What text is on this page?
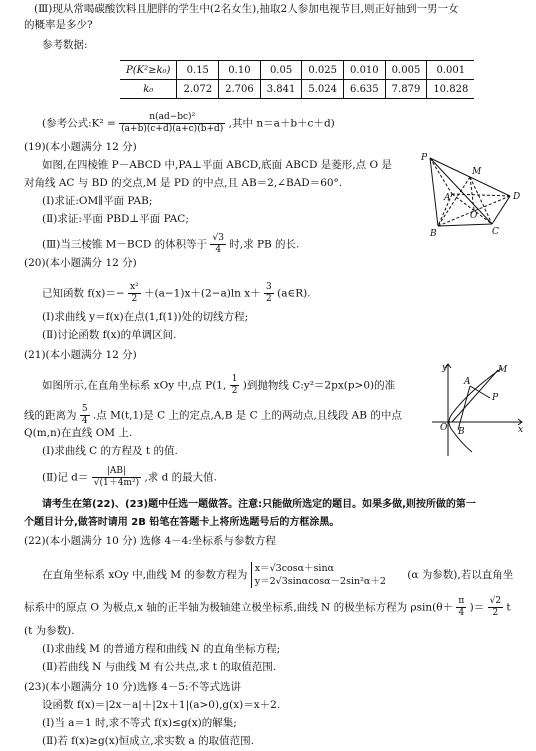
(Ⅲ)现从常喝碳酸饮料且肥胖的学生中(2名女生),抽取2人参加电视节目,则正好抽到一男一女
的概率是多少?
参考数据:
P(K²≥k₀)	0.15	0.10	0.05	0.025	0.010	0.005	0.001
k₀	2.072	2.706	3.841	5.024	6.635	7.879	10.828
(参考公式:K² = $\frac{\text{n(ad−bc)²}}{(a+b)(c+d)(a+c)(b+d)}$ ,其中 n＝a＋b＋c＋d)
(19)(本小题满分 12 分)
如图,在四棱锥 P－ABCD 中,PA⊥平面 ABCD,底面 ABCD 是菱形,点 O 是
对角线 AC 与 BD 的交点,M 是 PD 的中点,且 AB＝2,∠BAD＝60°.
(Ⅰ)求证:OM∥平面 PAB;
(Ⅱ)求证:平面 PBD⊥平面 PAC;
(Ⅲ)当三棱锥 M－BCD 的体积等于 $\frac{√3}{4}$ 时,求 PB 的长.
P
M
A
O
D
B	C
(20)(本小题满分 12 分)
已知函数 $f(x)=- \frac{\text{x²}}{2} +(a-1)x+(2-a)\ln$ $x+ \frac{3}{2}$ (a∈R).
(Ⅰ)求曲线 y＝f(x)在点(1,f(1))处的切线方程;
(Ⅱ)讨论函数 f(x)的单调区间.
(21)(本小题满分 12 分)
如图所示,在直角坐标系 xOy 中,点 P(1, $\frac{1}{2}$ )到抛物线 C:y²＝2px(p>0)的准
线的距离为 $\frac{5}{4}$ .点 M(t,1)是 C 上的定点,A,B 是 C 上的两动点,且线段 AB 的中点
Q(m,n)在直线 OM 上.
(Ⅰ)求曲线 C 的方程及 t 的值.
(Ⅱ)记 $d= \frac{|AB|}{\text{√(1＋4m²)}}$ ,求 d 的最大值.
y	M
A
P
O B	x
请考生在第(22)、(23)题中任选一题做答。注意:只能做所选定的题目。如果多做,则按所做的第一
个题目计分,做答时请用 2B 铅笔在答题卡上将所选题号后的方框涂黑。
(22)(本小题满分 10 分) 选修 4－4:坐标系与参数方程
在直角坐标系 xOy 中,曲线 M 的参数方程为
x＝√3cosα＋sinα
y＝2√3sinαcosα－2sin²α＋2
(α 为参数),若以直角坐
标系中的原点 O 为极点,x 轴的正半轴为极轴建立极坐标系,曲线 N 的极坐标方程为 $\rho\sin(\theta+ \frac{\pi}{4}$ )＝ $\frac{√2}{2}$ t
(t 为参数).
(Ⅰ)求曲线 M 的普通方程和曲线 N 的直角坐标方程;
(Ⅱ)若曲线 N 与曲线 M 有公共点,求 t 的取值范围.
(23)(本小题满分 10 分)选修 4－5:不等式选讲
设函数 f(x)＝|2x－a|＋|2x＋1|(a>0),g(x)＝x＋2.
(Ⅰ)当 a＝1 时,求不等式 f(x)≤g(x)的解集;
(Ⅱ)若 f(x)≥g(x)恒成立,求实数 a 的取值范围.
